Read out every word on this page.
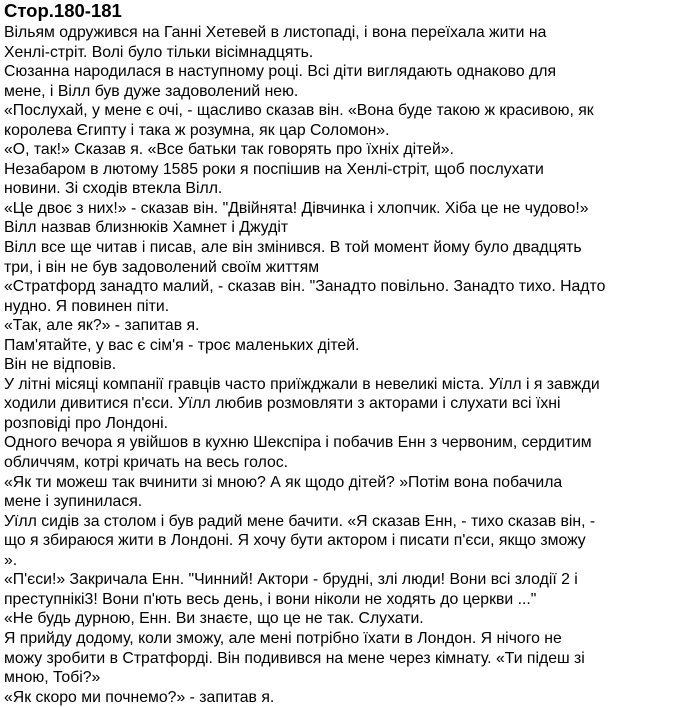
Стор.180-181

Вільям одружився на Ганні Хетевей в листопаді, і вона переїхала жити на
Хенлі-стріт. Волі було тільки вісімнадцять.
Сюзанна народилася в наступному році. Всі діти виглядають однаково для
мене, і Вілл був дуже задоволений нею.
«Послухай, у мене є очі, - щасливо сказав він. «Вона буде такою ж красивою, як
королева Єгипту і така ж розумна, як цар Соломон».
«О, так!» Сказав я. «Все батьки так говорять про їхніх дітей».
Незабаром в лютому 1585 роки я поспішив на Хенлі-стріт, щоб послухати
новини. Зі сходів втекла Вілл.
«Це двоє з них!» - сказав він. "Двійнята! Дівчинка і хлопчик. Хіба це не чудово!»
Вілл назвав близнюків Хамнет і Джудіт
Вілл все ще читав і писав, але він змінився. В той момент йому було двадцять
три, і він не був задоволений своїм життям
«Стратфорд занадто малий, - сказав він. "Занадто повільно. Занадто тихо. Надто
нудно. Я повинен піти.
«Так, але як?» - запитав я.
Пам'ятайте, у вас є сім'я - троє маленьких дітей.
Він не відповів.
У літні місяці компанії гравців часто приїжджали в невеликі міста. Уїлл і я завжди
ходили дивитися п'єси. Уїлл любив розмовляти з акторами і слухати всі їхні
розповіді про Лондоні.
Одного вечора я увійшов в кухню Шекспіра і побачив Енн з червоним, сердитим
обличчям, котрі кричать на весь голос.
«Як ти можеш так вчинити зі мною? А як щодо дітей? »Потім вона побачила
мене і зупинилася.
Уїлл сидів за столом і був радий мене бачити. «Я сказав Енн, - тихо сказав він, -
що я збираюся жити в Лондоні. Я хочу бути актором і писати п'єси, якщо зможу
».
«П'єси!» Закричала Енн. "Чинний! Актори - брудні, злі люди! Вони всі злодії 2 і
преступнікі3! Вони п'ють весь день, і вони ніколи не ходять до церкви ..."
«Не будь дурною, Енн. Ви знаєте, що це не так. Слухати.
Я прийду додому, коли зможу, але мені потрібно їхати в Лондон. Я нічого не
можу зробити в Стратфорді. Він подивився на мене через кімнату. «Ти підеш зі
мною, Тобі?»
«Як скоро ми почнемо?» - запитав я.
